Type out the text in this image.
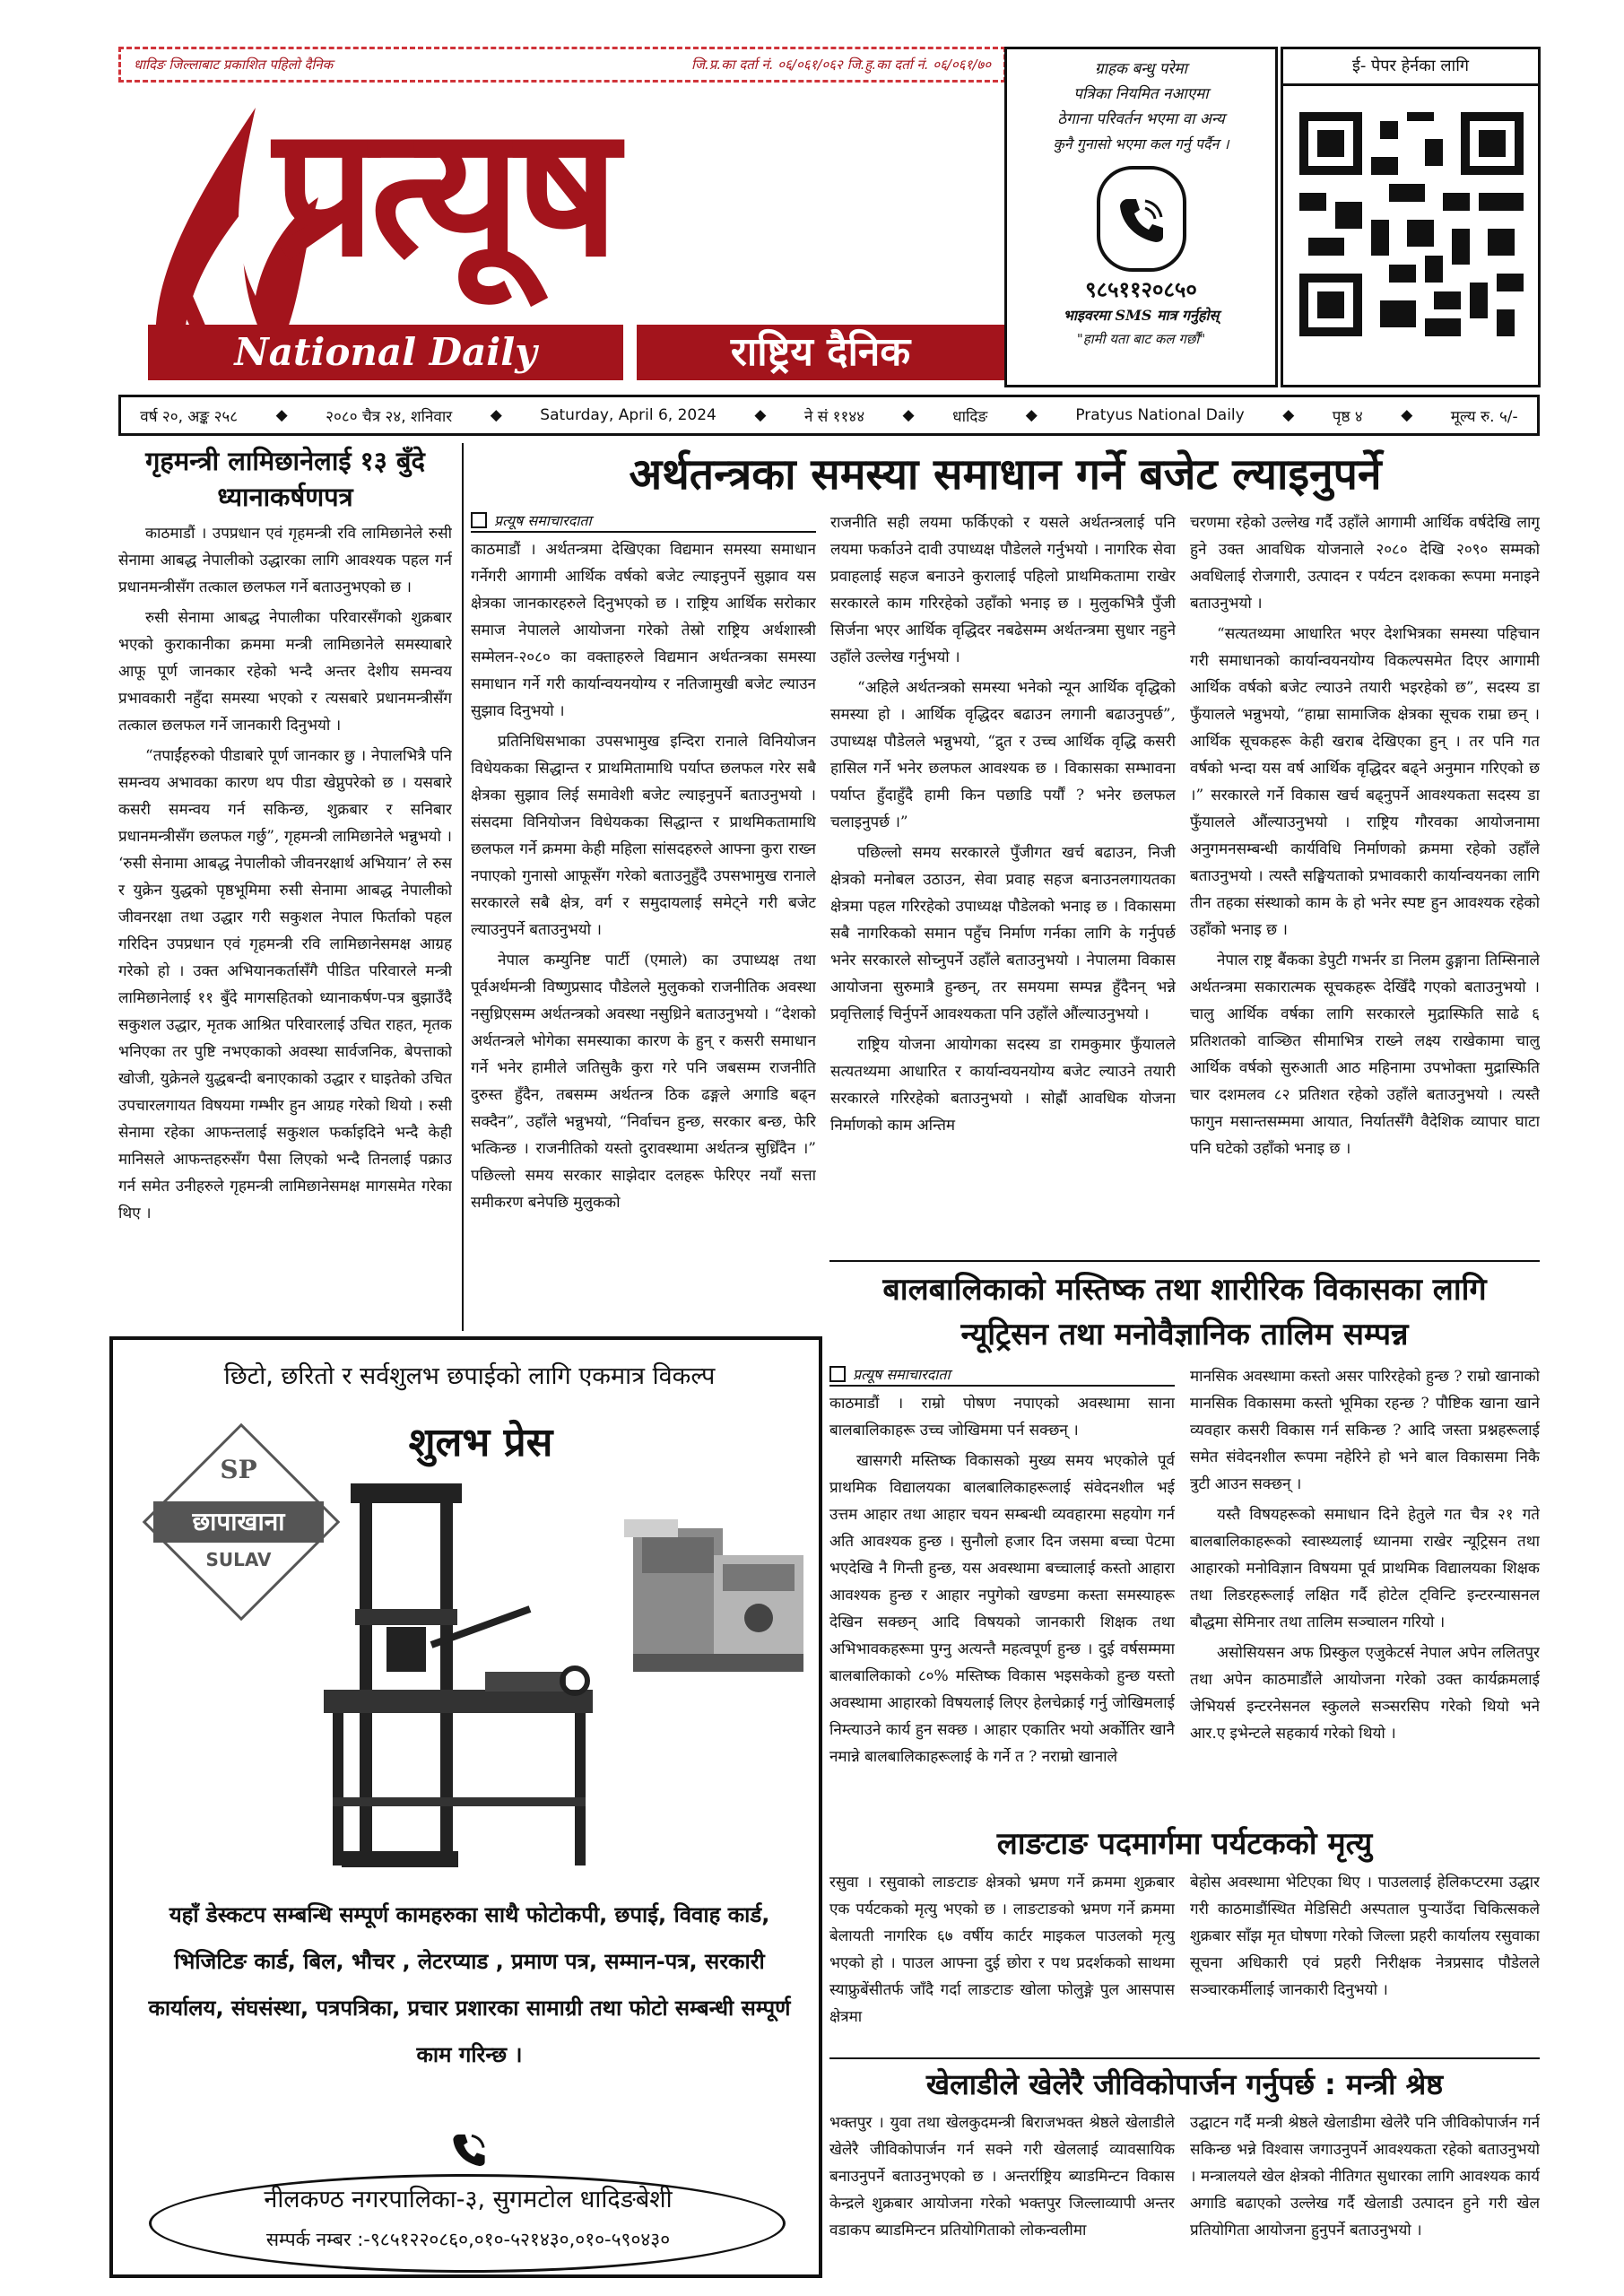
धादिङ जिल्लाबाट प्रकाशित पहिलो दैनिक	जि.प्र.का दर्ता नं. ०६/०६१/०६२ जि.हु.का दर्ता नं. ०६/०६१/७०
प्रत्यूष
National Daily	राष्ट्रिय दैनिक
ग्राहक बन्धु परेमा
पत्रिका नियमित नआएमा
ठेगाना परिवर्तन भएमा वा अन्य
कुनै गुनासो भएमा कल गर्नु पर्दैन ।
९८५११२०८५०
भाइवरमा SMS मात्र गर्नुहोस्
"हामी यता बाट कल गर्छौं"
ई- पेपर हेर्नका लागि
वर्ष २०, अङ्क २५८	◆	२०८० चैत्र २४, शनिवार	◆	Saturday, April 6, 2024	◆	ने सं ११४४	◆	धादिङ	◆	Pratyus National Daily	◆	पृष्ठ ४	◆	मूल्य रु. ५/-
गृहमन्त्री लामिछानेलाई १३ बुँदे ध्यानाकर्षणपत्र

काठमाडौं । उपप्रधान एवं गृहमन्त्री रवि लामिछानेले रुसी सेनामा आबद्ध नेपालीको उद्धारका लागि आवश्यक पहल गर्न प्रधानमन्त्रीसँग तत्काल छलफल गर्ने बताउनुभएको छ ।

रुसी सेनामा आबद्ध नेपालीका परिवारसँगको शुक्रबार भएको कुराकानीका क्रममा मन्त्री लामिछानेले समस्याबारे आफू पूर्ण जानकार रहेको भन्दै अन्तर देशीय समन्वय प्रभावकारी नहुँदा समस्या भएको र त्यसबारे प्रधानमन्त्रीसँग तत्काल छलफल गर्ने जानकारी दिनुभयो ।

“तपाईंहरुको पीडाबारे पूर्ण जानकार छु । नेपालभित्रै पनि समन्वय अभावका कारण थप पीडा खेप्नुपरेको छ । यसबारे कसरी समन्वय गर्न सकिन्छ, शुक्रबार र सनिबार प्रधानमन्त्रीसँग छलफल गर्छु”, गृहमन्त्री लामिछानेले भन्नुभयो । ‘रुसी सेनामा आबद्ध नेपालीको जीवनरक्षार्थ अभियान’ ले रुस र युक्रेन युद्धको पृष्ठभूमिमा रुसी सेनामा आबद्ध नेपालीको जीवनरक्षा तथा उद्धार गरी सकुशल नेपाल फिर्ताको पहल गरिदिन उपप्रधान एवं गृहमन्त्री रवि लामिछानेसमक्ष आग्रह गरेको हो । उक्त अभियानकर्तासँगै पीडित परिवारले मन्त्री लामिछानेलाई ११ बुँदे मागसहितको ध्यानाकर्षण-पत्र बुझाउँदै सकुशल उद्धार, मृतक आश्रित परिवारलाई उचित राहत, मृतक भनिएका तर पुष्टि नभएकाको अवस्था सार्वजनिक, बेपत्ताको खोजी, युक्रेनले युद्धबन्दी बनाएकाको उद्धार र घाइतेको उचित उपचारलगायत विषयमा गम्भीर हुन आग्रह गरेको थियो । रुसी सेनामा रहेका आफन्तलाई सकुशल फर्काइदिने भन्दै केही मानिसले आफन्तहरुसँग पैसा लिएको भन्दै तिनलाई पक्राउ गर्न समेत उनीहरुले गृहमन्त्री लामिछानेसमक्ष मागसमेत गरेका थिए ।

अर्थतन्त्रका समस्या समाधान गर्ने बजेट ल्याइनुपर्ने
प्रत्यूष समाचारदाता

काठमाडौं । अर्थतन्त्रमा देखिएका विद्यमान समस्या समाधान गर्नेगरी आगामी आर्थिक वर्षको बजेट ल्याइनुपर्ने सुझाव यस क्षेत्रका जानकारहरुले दिनुभएको छ । राष्ट्रिय आर्थिक सरोकार समाज नेपालले आयोजना गरेको तेस्रो राष्ट्रिय अर्थशास्त्री सम्मेलन-२०८० का वक्ताहरुले विद्यमान अर्थतन्त्रका समस्या समाधान गर्ने गरी कार्यान्वयनयोग्य र नतिजामुखी बजेट ल्याउन सुझाव दिनुभयो ।

प्रतिनिधिसभाका उपसभामुख इन्दिरा रानाले विनियोजन विधेयकका सिद्धान्त र प्राथमितामाथि पर्याप्त छलफल गरेर सबै क्षेत्रका सुझाव लिई समावेशी बजेट ल्याइनुपर्ने बताउनुभयो । संसदमा विनियोजन विधेयकका सिद्धान्त र प्राथमिकतामाथि छलफल गर्ने क्रममा केही महिला सांसदहरुले आफ्ना कुरा राख्न नपाएको गुनासो आफूसँग गरेको बताउनुहुँदै उपसभामुख रानाले सरकारले सबै क्षेत्र, वर्ग र समुदायलाई समेट्ने गरी बजेट ल्याउनुपर्ने बताउनुभयो ।

नेपाल कम्युनिष्ट पार्टी (एमाले) का उपाध्यक्ष तथा पूर्वअर्थमन्त्री विष्णुप्रसाद पौडेलले मुलुकको राजनीतिक अवस्था नसुध्रिएसम्म अर्थतन्त्रको अवस्था नसुध्रिने बताउनुभयो । “देशको अर्थतन्त्रले भोगेका समस्याका कारण के हुन् र कसरी समाधान गर्ने भनेर हामीले जतिसुकै कुरा गरे पनि जबसम्म राजनीति दुरुस्त हुँदैन, तबसम्म अर्थतन्त्र ठिक ढङ्गले अगाडि बढ्न सक्दैन”, उहाँले भन्नुभयो, “निर्वाचन हुन्छ, सरकार बन्छ, फेरि भत्किन्छ । राजनीतिको यस्तो दुरावस्थामा अर्थतन्त्र सुध्रिँदैन ।” पछिल्लो समय सरकार साझेदार दलहरू फेरिएर नयाँ सत्ता समीकरण बनेपछि मुलुकको

राजनीति सही लयमा फर्किएको र यसले अर्थतन्त्रलाई पनि लयमा फर्काउने दावी उपाध्यक्ष पौडेलले गर्नुभयो । नागरिक सेवा प्रवाहलाई सहज बनाउने कुरालाई पहिलो प्राथमिकतामा राखेर सरकारले काम गरिरहेको उहाँको भनाइ छ । मुलुकभित्रै पुँजी सिर्जना भएर आर्थिक वृद्धिदर नबढेसम्म अर्थतन्त्रमा सुधार नहुने उहाँले उल्लेख गर्नुभयो ।

“अहिले अर्थतन्त्रको समस्या भनेको न्यून आर्थिक वृद्धिको समस्या हो । आर्थिक वृद्धिदर बढाउन लगानी बढाउनुपर्छ”, उपाध्यक्ष पौडेलले भन्नुभयो, “द्रुत र उच्च आर्थिक वृद्धि कसरी हासिल गर्ने भनेर छलफल आवश्यक छ । विकासका सम्भावना पर्याप्त हुँदाहुँदै हामी किन पछाडि पर्यौं ? भनेर छलफल चलाइनुपर्छ ।”

पछिल्लो समय सरकारले पुँजीगत खर्च बढाउन, निजी क्षेत्रको मनोबल उठाउन, सेवा प्रवाह सहज बनाउनलगायतका क्षेत्रमा पहल गरिरहेको उपाध्यक्ष पौडेलको भनाइ छ । विकासमा सबै नागरिकको समान पहुँच निर्माण गर्नका लागि के गर्नुपर्छ भनेर सरकारले सोच्नुपर्ने उहाँले बताउनुभयो । नेपालमा विकास आयोजना सुरुमात्रै हुन्छन्, तर समयमा सम्पन्न हुँदैनन् भन्ने प्रवृत्तिलाई चिर्नुपर्ने आवश्यकता पनि उहाँले औंल्याउनुभयो ।

राष्ट्रिय योजना आयोगका सदस्य डा रामकुमार फुँयालले सत्यतथ्यमा आधारित र कार्यान्वयनयोग्य बजेट ल्याउने तयारी सरकारले गरिरहेको बताउनुभयो । सोह्रौं आवधिक योजना निर्माणको काम अन्तिम

चरणमा रहेको उल्लेख गर्दै उहाँले आगामी आर्थिक वर्षदेखि लागू हुने उक्त आवधिक योजनाले २०८० देखि २०९० सम्मको अवधिलाई रोजगारी, उत्पादन र पर्यटन दशकका रूपमा मनाइने बताउनुभयो ।

“सत्यतथ्यमा आधारित भएर देशभित्रका समस्या पहिचान गरी समाधानको कार्यान्वयनयोग्य विकल्पसमेत दिएर आगामी आर्थिक वर्षको बजेट ल्याउने तयारी भइरहेको छ”, सदस्य डा फुँयालले भन्नुभयो, “हाम्रा सामाजिक क्षेत्रका सूचक राम्रा छन् । आर्थिक सूचकहरू केही खराब देखिएका हुन् । तर पनि गत वर्षको भन्दा यस वर्ष आर्थिक वृद्धिदर बढ्ने अनुमान गरिएको छ ।” सरकारले गर्ने विकास खर्च बढ्नुपर्ने आवश्यकता सदस्य डा फुँयालले औंल्याउनुभयो । राष्ट्रिय गौरवका आयोजनामा अनुगमनसम्बन्धी कार्यविधि निर्माणको क्रममा रहेको उहाँले बताउनुभयो । त्यस्तै सङ्घियताको प्रभावकारी कार्यान्वयनका लागि तीन तहका संस्थाको काम के हो भनेर स्पष्ट हुन आवश्यक रहेको उहाँको भनाइ छ ।

नेपाल राष्ट्र बैंकका डेपुटी गभर्नर डा निलम ढुङ्गाना तिम्सिनाले अर्थतन्त्रमा सकारात्मक सूचकहरू देखिँदै गएको बताउनुभयो । चालु आर्थिक वर्षका लागि सरकारले मुद्रास्फिति साढे ६ प्रतिशतको वाञ्छित सीमाभित्र राख्ने लक्ष्य राखेकामा चालु आर्थिक वर्षको सुरुआती आठ महिनामा उपभोक्ता मुद्रास्फिति चार दशमलव ८२ प्रतिशत रहेको उहाँले बताउनुभयो । त्यस्तै फागुन मसान्तसम्ममा आयात, निर्यातसँगै वैदेशिक व्यापार घाटा पनि घटेको उहाँको भनाइ छ ।

बालबालिकाको मस्तिष्क तथा शारीरिक विकासका लागि
न्यूट्रिसन तथा मनोवैज्ञानिक तालिम सम्पन्न
प्रत्यूष समाचारदाता

काठमाडौं । राम्रो पोषण नपाएको अवस्थामा साना बालबालिकाहरू उच्च जोखिममा पर्न सक्छन् ।

खासगरी मस्तिष्क विकासको मुख्य समय भएकोले पूर्व प्राथमिक विद्यालयका बालबालिकाहरूलाई संवेदनशील भई उत्तम आहार तथा आहार चयन सम्बन्धी व्यवहारमा सहयोग गर्न अति आवश्यक हुन्छ । सुनौलो हजार दिन जसमा बच्चा पेटमा भएदेखि नै गिन्ती हुन्छ, यस अवस्थामा बच्चालाई कस्तो आहारा आवश्यक हुन्छ र आहार नपुगेको खण्डमा कस्ता समस्याहरू देखिन सक्छन् आदि विषयको जानकारी शिक्षक तथा अभिभावकहरूमा पुग्नु अत्यन्तै महत्वपूर्ण हुन्छ । दुई वर्षसम्ममा बालबालिकाको ८०% मस्तिष्क विकास भइसकेको हुन्छ यस्तो अवस्थामा आहारको विषयलाई लिएर हेलचेक्राई गर्नु जोखिमलाई निम्त्याउने कार्य हुन सक्छ । आहार एकातिर भयो अर्कोतिर खानै नमान्ने बालबालिकाहरूलाई के गर्ने त ? नराम्रो खानाले

मानसिक अवस्थामा कस्तो असर पारिरहेको हुन्छ ? राम्रो खानाको मानसिक विकासमा कस्तो भूमिका रहन्छ ? पौष्टिक खाना खाने व्यवहार कसरी विकास गर्न सकिन्छ ? आदि जस्ता प्रश्नहरूलाई समेत संवेदनशील रूपमा नहेरिने हो भने बाल विकासमा निकै त्रुटी आउन सक्छन् ।

यस्तै विषयहरूको समाधान दिने हेतुले गत चैत्र २१ गते बालबालिकाहरूको स्वास्थ्यलाई ध्यानमा राखेर न्यूट्रिसन तथा आहारको मनोविज्ञान विषयमा पूर्व प्राथमिक विद्यालयका शिक्षक तथा लिडरहरूलाई लक्षित गर्दै होटेल ट्विन्टि इन्टरन्यासनल बौद्धमा सेमिनार तथा तालिम सञ्चालन गरियो ।

असोसियसन अफ प्रिस्कुल एजुकेटर्स नेपाल अपेन ललितपुर तथा अपेन काठमाडौंले आयोजना गरेको उक्त कार्यक्रमलाई जेभियर्स इन्टरनेसनल स्कुलले सञ्सरसिप गरेको थियो भने आर.ए इभेन्टले सहकार्य गरेको थियो ।

लाङटाङ पदमार्गमा पर्यटकको मृत्यु

रसुवा । रसुवाको लाङटाङ क्षेत्रको भ्रमण गर्ने क्रममा शुक्रबार एक पर्यटकको मृत्यु भएको छ । लाङटाङको भ्रमण गर्ने क्रममा बेलायती नागरिक ६७ वर्षीय कार्टर माइकल पाउलको मृत्यु भएको हो । पाउल आफ्ना दुई छोरा र पथ प्रदर्शकको साथमा स्याफ्रुबेंसीतर्फ जाँदै गर्दा लाङटाङ खोला फोलुङ्गे पुल आसपास क्षेत्रमा

बेहोस अवस्थामा भेटिएका थिए । पाउललाई हेलिकप्टरमा उद्धार गरी काठमाडौंस्थित मेडिसिटी अस्पताल पुऱ्याउँदा चिकित्सकले शुक्रबार साँझ मृत घोषणा गरेको जिल्ला प्रहरी कार्यालय रसुवाका सूचना अधिकारी एवं प्रहरी निरीक्षक नेत्रप्रसाद पौडेलले सञ्चारकर्मीलाई जानकारी दिनुभयो ।

खेलाडीले खेलेरै जीविकोपार्जन गर्नुपर्छ : मन्त्री श्रेष्ठ

भक्तपुर । युवा तथा खेलकुदमन्त्री बिराजभक्त श्रेष्ठले खेलाडीले खेलेरै जीविकोपार्जन गर्न सक्ने गरी खेललाई व्यावसायिक बनाउनुपर्ने बताउनुभएको छ । अन्तर्राष्ट्रिय ब्याडमिन्टन विकास केन्द्रले शुक्रबार आयोजना गरेको भक्तपुर जिल्लाव्यापी अन्तर वडाकप ब्याडमिन्टन प्रतियोगिताको लोकन्वलीमा

उद्घाटन गर्दै मन्त्री श्रेष्ठले खेलाडीमा खेलेरै पनि जीविकोपार्जन गर्न सकिन्छ भन्ने विश्वास जगाउनुपर्ने आवश्यकता रहेको बताउनुभयो । मन्त्रालयले खेल क्षेत्रको नीतिगत सुधारका लागि आवश्यक कार्य अगाडि बढाएको उल्लेख गर्दै खेलाडी उत्पादन हुने गरी खेल प्रतियोगिता आयोजना हुनुपर्ने बताउनुभयो ।

छिटो, छरितो र सर्वशुलभ छपाईको लागि एकमात्र विकल्प
शुलभ प्रेस
SP
छापाखाना
SULAV
यहाँ डेस्कटप सम्बन्धि सम्पूर्ण कामहरुका साथै फोटोकपी, छपाई, विवाह कार्ड, भिजिटिङ कार्ड, बिल, भौचर , लेटरप्याड , प्रमाण पत्र, सम्मान-पत्र, सरकारी कार्यालय, संघसंस्था, पत्रपत्रिका, प्रचार प्रशारका सामाग्री तथा फोटो सम्बन्धी सम्पूर्ण काम गरिन्छ ।
नीलकण्ठ नगरपालिका-३, सुगमटोल धादिङबेशी
सम्पर्क नम्बर :-९८५१२२०८६०,०१०-५२१४३०,०१०-५९०४३०
